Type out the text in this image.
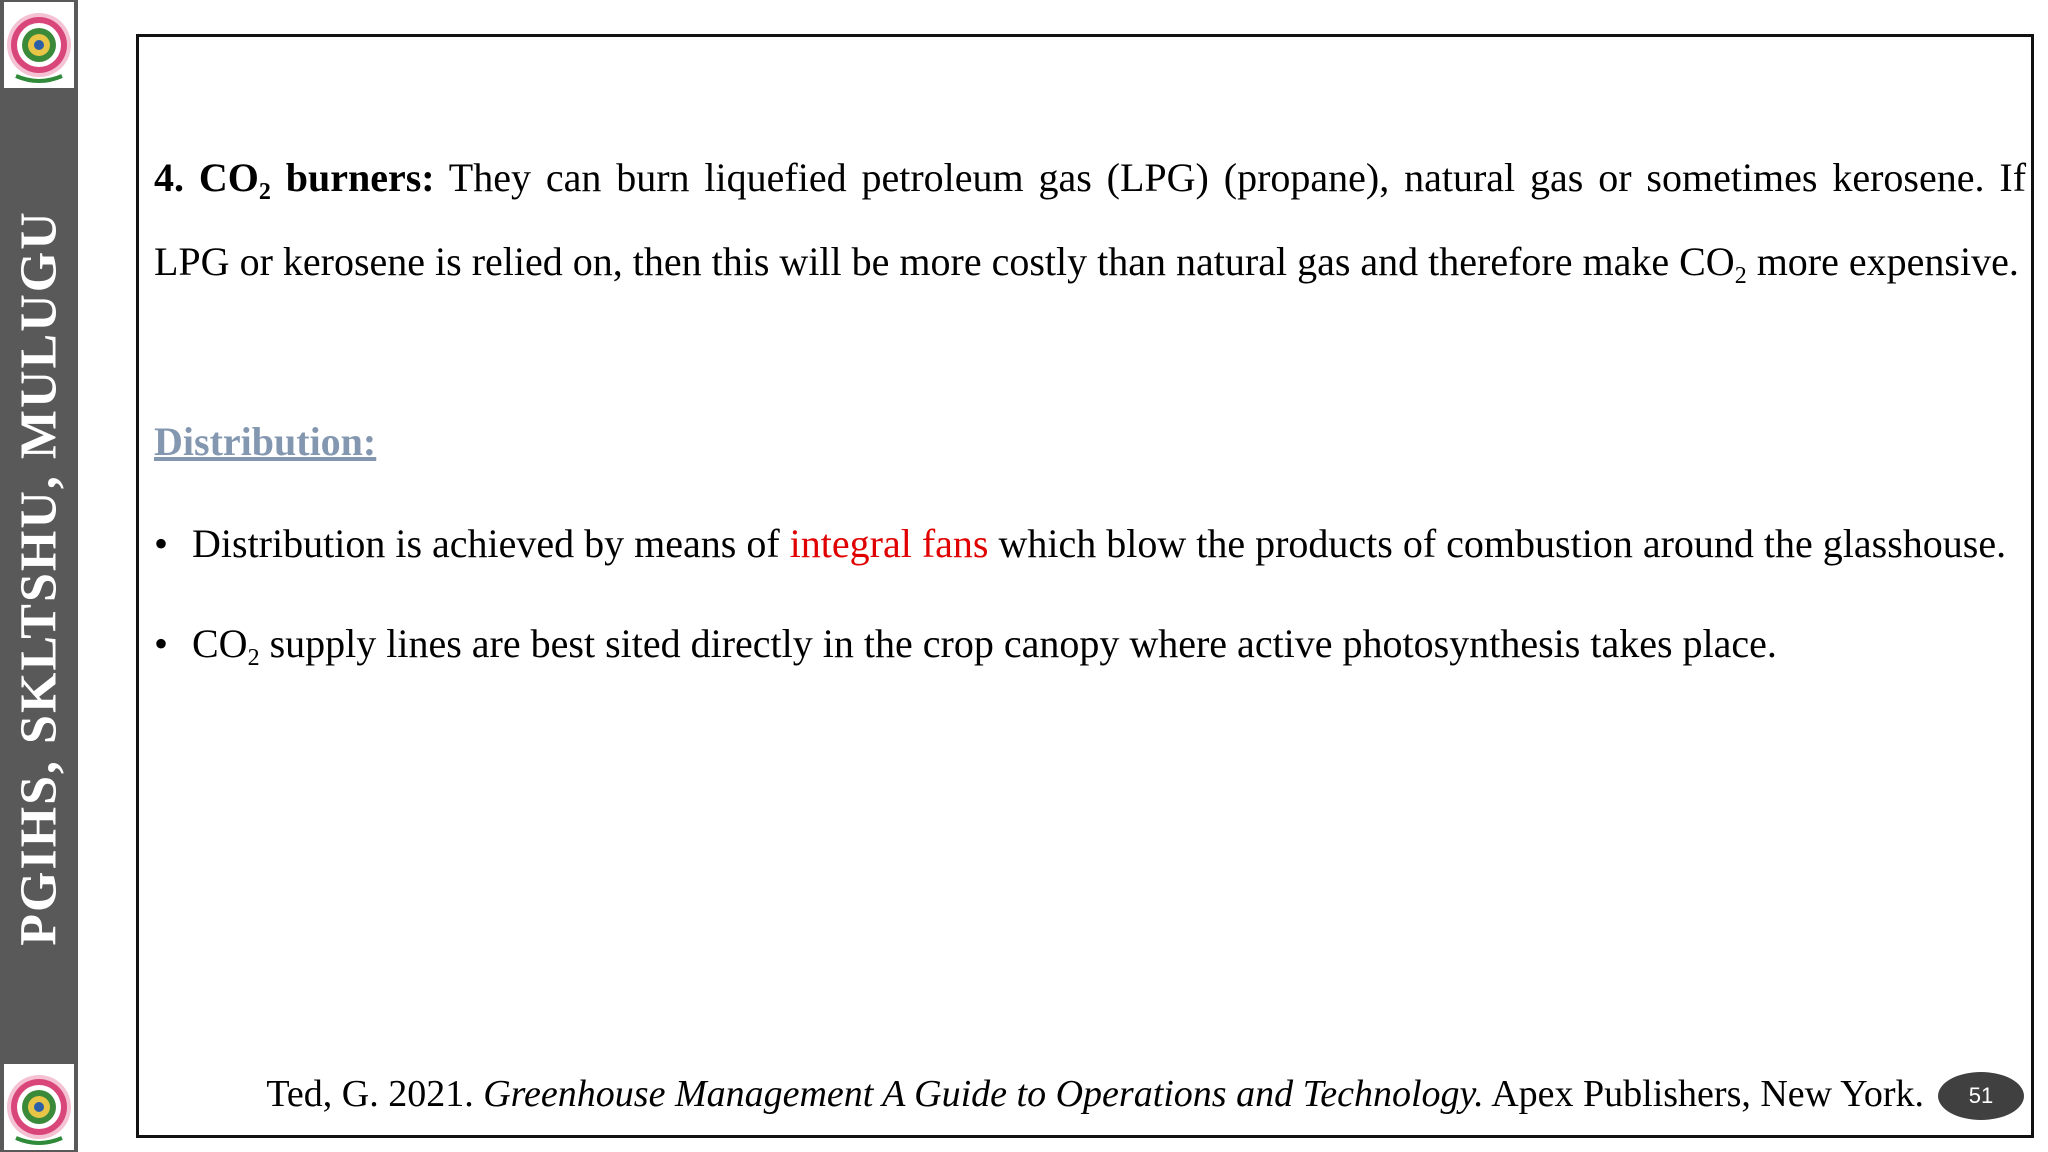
PGIHS, SKLTSHU, MULUGU
4. $CO_2$ burners: They can burn liquefied petroleum gas (LPG) (propane), natural gas or sometimes kerosene. If LPG or kerosene is relied on, then this will be more costly than natural gas and therefore make $CO_2$ more expensive.
Distribution:
• Distribution is achieved by means of integral fans which blow the products of combustion around the glasshouse.
• $CO_2$ supply lines are best sited directly in the crop canopy where active photosynthesis takes place.
Ted, G. 2021. Greenhouse Management A Guide to Operations and Technology. Apex Publishers, New York.	51
